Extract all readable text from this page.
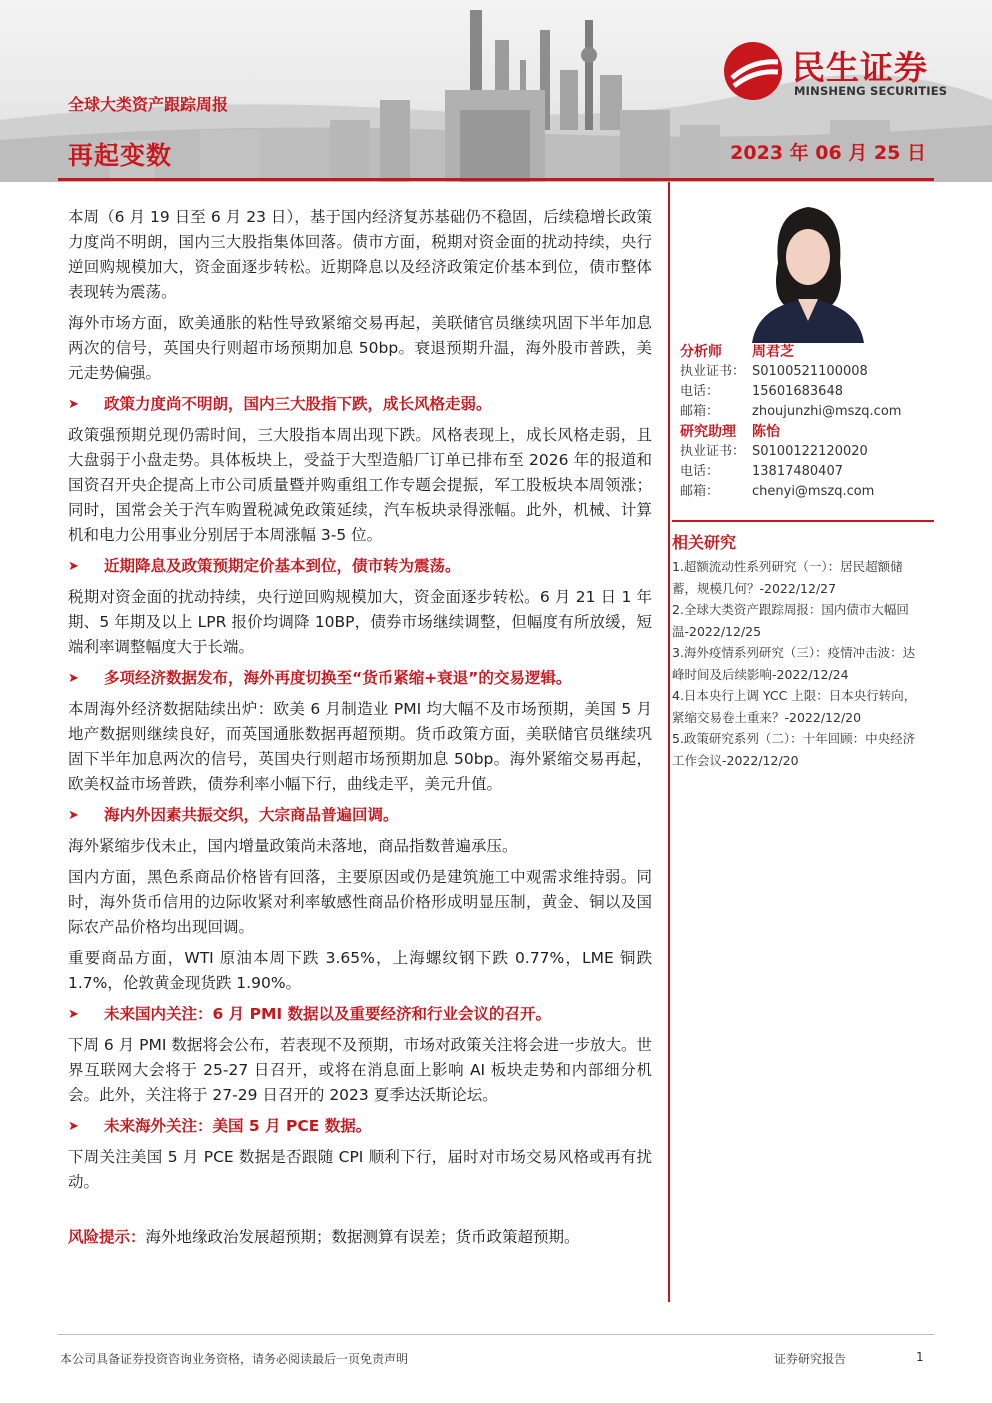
全球大类资产跟踪周报
再起变数	2023 年 06 月 25 日
民生证券
MINSHENG SECURITIES

本周（6 月 19 日至 6 月 23 日），基于国内经济复苏基础仍不稳固，后续稳增长政策力度尚不明朗，国内三大股指集体回落。债市方面，税期对资金面的扰动持续，央行逆回购规模加大，资金面逐步转松。近期降息以及经济政策定价基本到位，债市整体表现转为震荡。

海外市场方面，欧美通胀的粘性导致紧缩交易再起，美联储官员继续巩固下半年加息两次的信号，英国央行则超市场预期加息 50bp。衰退预期升温，海外股市普跌，美元走势偏强。

➤	政策力度尚不明朗，国内三大股指下跌，成长风格走弱。

政策强预期兑现仍需时间，三大股指本周出现下跌。风格表现上，成长风格走弱，且大盘弱于小盘走势。具体板块上，受益于大型造船厂订单已排布至 2026 年的报道和国资召开央企提高上市公司质量暨并购重组工作专题会提振，军工股板块本周领涨；同时，国常会关于汽车购置税减免政策延续，汽车板块录得涨幅。此外，机械、计算机和电力公用事业分别居于本周涨幅 3-5 位。

➤	近期降息及政策预期定价基本到位，债市转为震荡。

税期对资金面的扰动持续，央行逆回购规模加大，资金面逐步转松。6 月 21 日 1 年期、5 年期及以上 LPR 报价均调降 10BP，债券市场继续调整，但幅度有所放缓，短端利率调整幅度大于长端。

➤	多项经济数据发布，海外再度切换至“货币紧缩+衰退”的交易逻辑。

本周海外经济数据陆续出炉：欧美 6 月制造业 PMI 均大幅不及市场预期，美国 5 月地产数据则继续良好，而英国通胀数据再超预期。货币政策方面，美联储官员继续巩固下半年加息两次的信号，英国央行则超市场预期加息 50bp。海外紧缩交易再起，欧美权益市场普跌，债券利率小幅下行，曲线走平，美元升值。

➤	海内外因素共振交织，大宗商品普遍回调。

海外紧缩步伐未止，国内增量政策尚未落地，商品指数普遍承压。

国内方面，黑色系商品价格皆有回落，主要原因或仍是建筑施工中观需求维持弱。同时，海外货币信用的边际收紧对利率敏感性商品价格形成明显压制，黄金、铜以及国际农产品价格均出现回调。

重要商品方面，WTI 原油本周下跌 3.65%，上海螺纹钢下跌 0.77%，LME 铜跌 1.7%，伦敦黄金现货跌 1.90%。

➤	未来国内关注：6 月 PMI 数据以及重要经济和行业会议的召开。

下周 6 月 PMI 数据将会公布，若表现不及预期，市场对政策关注将会进一步放大。世界互联网大会将于 25-27 日召开，或将在消息面上影响 AI 板块走势和内部细分机会。此外，关注将于 27-29 日召开的 2023 夏季达沃斯论坛。

➤	未来海外关注：美国 5 月 PCE 数据。

下周关注美国 5 月 PCE 数据是否跟随 CPI 顺利下行，届时对市场交易风格或再有扰动。

风险提示：海外地缘政治发展超预期；数据测算有误差；货币政策超预期。

分析师	周君芝
执业证书： S0100521100008
电话：	15601683648
邮箱：	zhoujunzhi@mszq.com
研究助理	陈怡
执业证书： S0100122120020
电话：	13817480407
邮箱：	chenyi@mszq.com
相关研究
1.超额流动性系列研究（一）：居民超额储蓄，规模几何？-2022/12/27
2.全球大类资产跟踪周报：国内债市大幅回温-2022/12/25
3.海外疫情系列研究（三）：疫情冲击波：达峰时间及后续影响-2022/12/24
4.日本央行上调 YCC 上限：日本央行转向，紧缩交易卷土重来？-2022/12/20
5.政策研究系列（二）：十年回顾：中央经济工作会议-2022/12/20
本公司具备证券投资咨询业务资格，请务必阅读最后一页免责声明	证券研究报告	1
